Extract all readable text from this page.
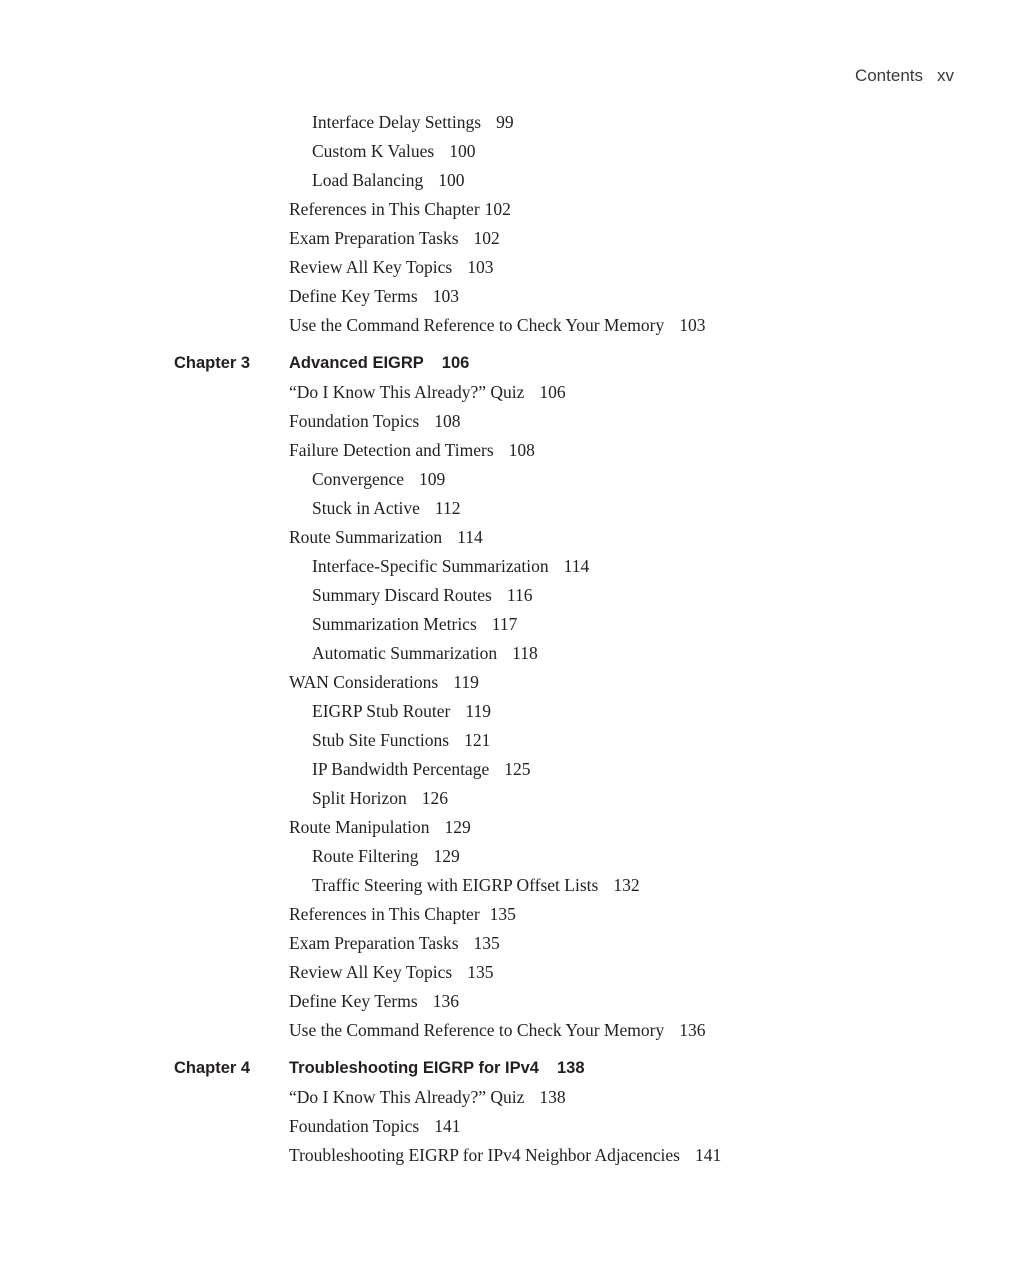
Contents xv
Interface Delay Settings 99
Custom K Values 100
Load Balancing 100
References in This Chapter 102
Exam Preparation Tasks 102
Review All Key Topics 103
Define Key Terms 103
Use the Command Reference to Check Your Memory 103
Chapter 3 Advanced EIGRP 106
“Do I Know This Already?” Quiz 106
Foundation Topics 108
Failure Detection and Timers 108
Convergence 109
Stuck in Active 112
Route Summarization 114
Interface-Specific Summarization 114
Summary Discard Routes 116
Summarization Metrics 117
Automatic Summarization 118
WAN Considerations 119
EIGRP Stub Router 119
Stub Site Functions 121
IP Bandwidth Percentage 125
Split Horizon 126
Route Manipulation 129
Route Filtering 129
Traffic Steering with EIGRP Offset Lists 132
References in This Chapter 135
Exam Preparation Tasks 135
Review All Key Topics 135
Define Key Terms 136
Use the Command Reference to Check Your Memory 136
Chapter 4 Troubleshooting EIGRP for IPv4 138
“Do I Know This Already?” Quiz 138
Foundation Topics 141
Troubleshooting EIGRP for IPv4 Neighbor Adjacencies 141
